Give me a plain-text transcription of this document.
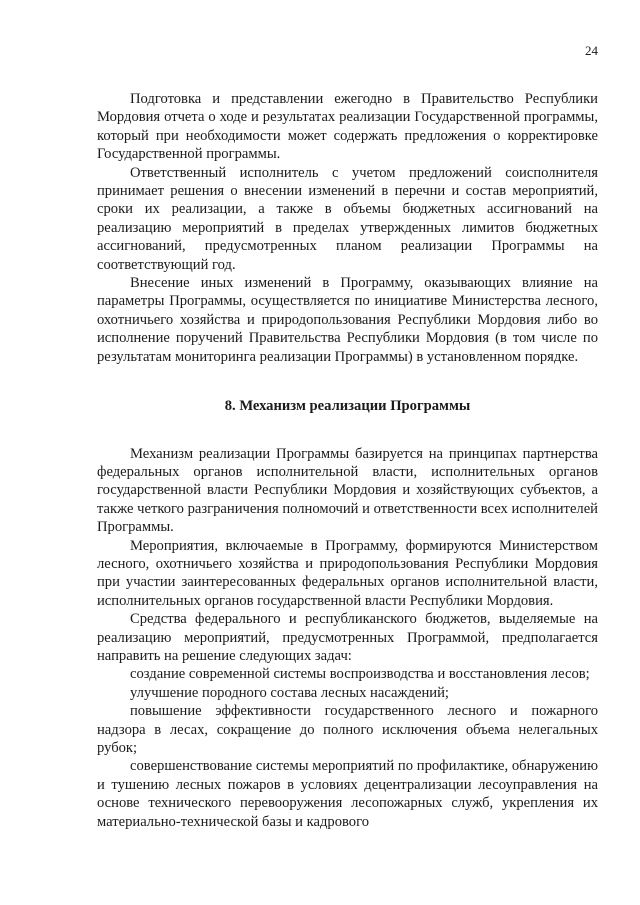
24

Подготовка и представлении ежегодно в Правительство Республики Мордовия отчета о ходе и результатах реализации Государственной программы, который при необходимости может содержать предложения о корректировке Государственной программы.

Ответственный исполнитель с учетом предложений соисполнителя принимает решения о внесении изменений в перечни и состав мероприятий, сроки их реализации, а также в объемы бюджетных ассигнований на реализацию мероприятий в пределах утвержденных лимитов бюджетных ассигнований, предусмотренных планом реализации Программы на соответствующий год.

Внесение иных изменений в Программу, оказывающих влияние на параметры Программы, осуществляется по инициативе Министерства лесного, охотничьего хозяйства и природопользования Республики Мордовия либо во исполнение поручений Правительства Республики Мордовия (в том числе по результатам мониторинга реализации Программы) в установленном порядке.

8. Механизм реализации Программы

Механизм реализации Программы базируется на принципах партнерства федеральных органов исполнительной власти, исполнительных органов государственной власти Республики Мордовия и хозяйствующих субъектов, а также четкого разграничения полномочий и ответственности всех исполнителей Программы.

Мероприятия, включаемые в Программу, формируются Министерством лесного, охотничьего хозяйства и природопользования Республики Мордовия при участии заинтересованных федеральных органов исполнительной власти, исполнительных органов государственной власти Республики Мордовия.

Средства федерального и республиканского бюджетов, выделяемые на реализацию мероприятий, предусмотренных Программой, предполагается направить на решение следующих задач:

создание современной системы воспроизводства и восстановления лесов;

улучшение породного состава лесных насаждений;

повышение эффективности государственного лесного и пожарного надзора в лесах, сокращение до полного исключения объема нелегальных рубок;

совершенствование системы мероприятий по профилактике, обнаружению и тушению лесных пожаров в условиях децентрализации лесоуправления на основе технического перевооружения лесопожарных служб, укрепления их материально-технической базы и кадрового
